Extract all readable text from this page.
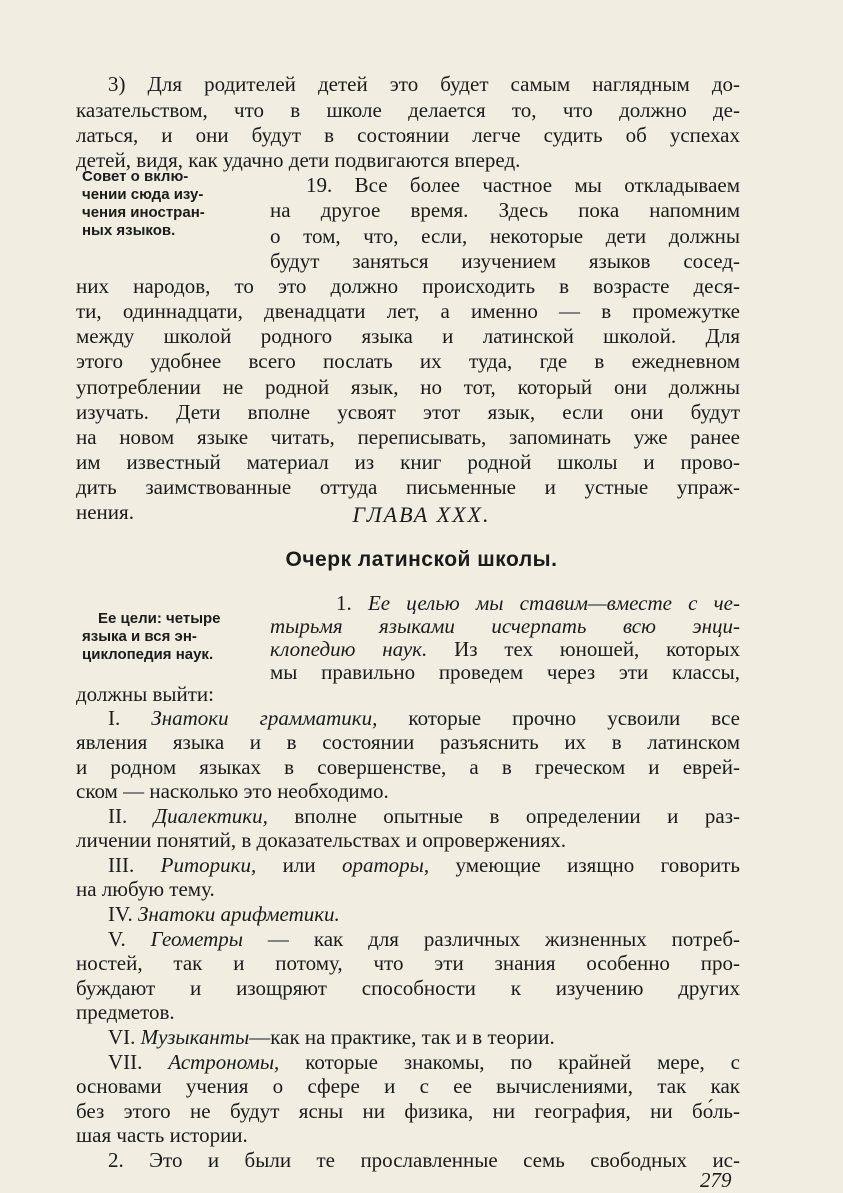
3) Для родителей детей это будет самым наглядным до-
казательством, что в школе делается то, что должно де-
латься, и они будут в состоянии легче судить об успехах
детей, видя, как удачно дети подвигаются вперед.
Совет о вклю-
чении сюда изу-
чения иностран-
ных языков.
19. Все более частное мы откладываем
на другое время. Здесь пока напомним
о том, что, если, некоторые дети должны
будут заняться изучением языков сосед-
них народов, то это должно происходить в возрасте деся-
ти, одиннадцати, двенадцати лет, а именно — в промежутке
между школой родного языка и латинской школой. Для
этого удобнее всего послать их туда, где в ежедневном
употреблении не родной язык, но тот, который они должны
изучать. Дети вполне усвоят этот язык, если они будут
на новом языке читать, переписывать, запоминать уже ранее
им известный материал из книг родной школы и прово-
дить заимствованные оттуда письменные и устные упраж-
нения.	ГЛАВА XXX.
Очерк латинской школы.
Ее цели: четыре
языка и вся эн-
циклопедия наук.
1. Ее целью мы ставим—вместе с че-
тырьмя языками исчерпать всю энци-
клопедию наук. Из тех юношей, которых
мы правильно проведем через эти классы,
должны выйти:
I. Знатоки грамматики, которые прочно усвоили все
явления языка и в состоянии разъяснить их в латинском
и родном языках в совершенстве, а в греческом и еврей-
ском — насколько это необходимо.
II. Диалектики, вполне опытные в определении и раз-
личении понятий, в доказательствах и опровержениях.
III. Риторики, или ораторы, умеющие изящно говорить
на любую тему.
IV. Знатоки арифметики.
V. Геометры — как для различных жизненных потреб-
ностей, так и потому, что эти знания особенно про-
буждают и изощряют способности к изучению других
предметов.
VI. Музыканты—как на практике, так и в теории.
VII. Астрономы, которые знакомы, по крайней мере, с
основами учения о сфере и с ее вычислениями, так как
без этого не будут ясны ни физика, ни география, ни бо́ль-
шая часть истории.
2. Это и были те прославленные семь свободных ис-
279
